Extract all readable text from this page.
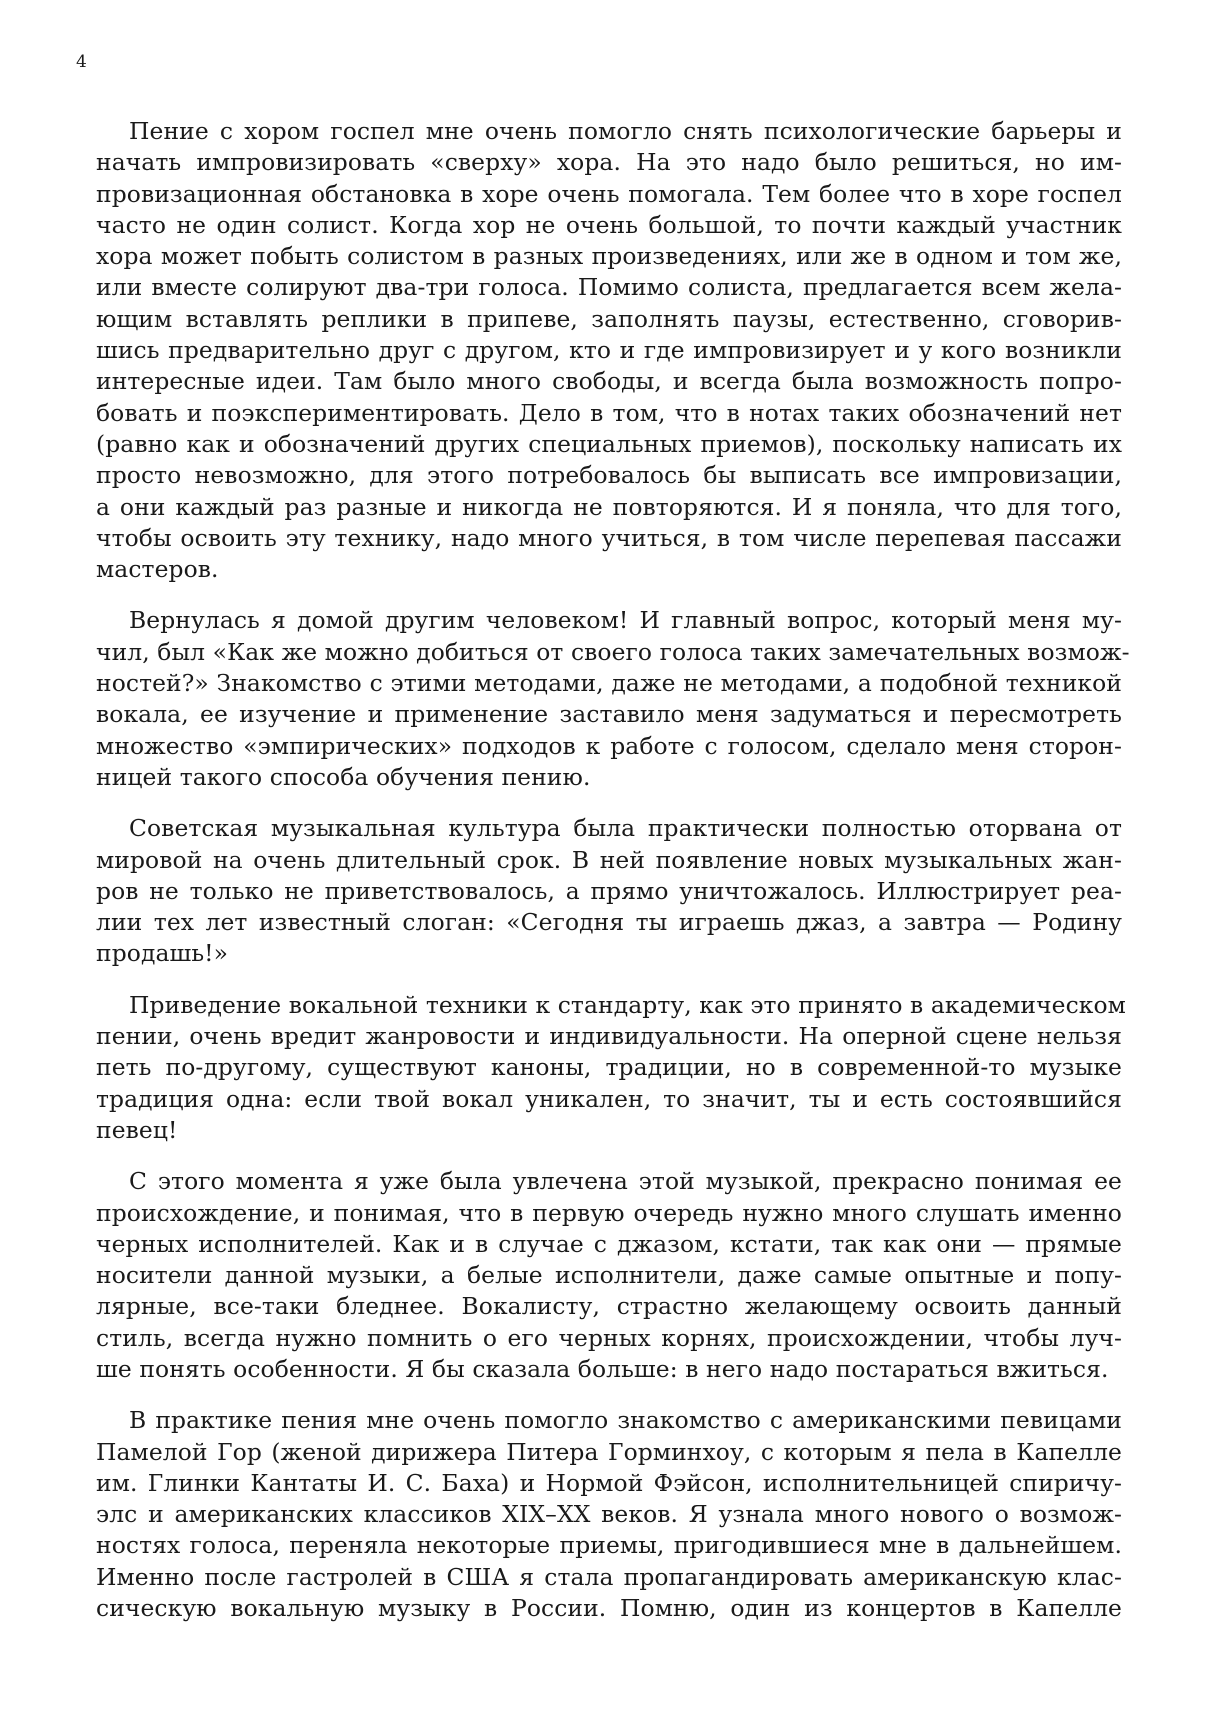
4

Пение с хором госпел мне очень помогло снять психологические барьеры и
начать импровизировать «сверху» хора. На это надо было решиться, но им-
провизационная обстановка в хоре очень помогала. Тем более что в хоре госпел
часто не один солист. Когда хор не очень большой, то почти каждый участник
хора может побыть солистом в разных произведениях, или же в одном и том же,
или вместе солируют два-три голоса. Помимо солиста, предлагается всем жела-
ющим вставлять реплики в припеве, заполнять паузы, естественно, сговорив-
шись предварительно друг с другом, кто и где импровизирует и у кого возникли
интересные идеи. Там было много свободы, и всегда была возможность попро-
бовать и поэкспериментировать. Дело в том, что в нотах таких обозначений нет
(равно как и обозначений других специальных приемов), поскольку написать их
просто невозможно, для этого потребовалось бы выписать все импровизации,
а они каждый раз разные и никогда не повторяются. И я поняла, что для того,
чтобы освоить эту технику, надо много учиться, в том числе перепевая пассажи
мастеров.

Вернулась я домой другим человеком! И главный вопрос, который меня му-
чил, был «Как же можно добиться от своего голоса таких замечательных возмож-
ностей?» Знакомство с этими методами, даже не методами, а подобной техникой
вокала, ее изучение и применение заставило меня задуматься и пересмотреть
множество «эмпирических» подходов к работе с голосом, сделало меня сторон-
ницей такого способа обучения пению.

Советская музыкальная культура была практически полностью оторвана от
мировой на очень длительный срок. В ней появление новых музыкальных жан-
ров не только не приветствовалось, а прямо уничтожалось. Иллюстрирует реа-
лии тех лет известный слоган: «Сегодня ты играешь джаз, а завтра — Родину
продашь!»

Приведение вокальной техники к стандарту, как это принято в академическом
пении, очень вредит жанровости и индивидуальности. На оперной сцене нельзя
петь по-другому, существуют каноны, традиции, но в современной-то музыке
традиция одна: если твой вокал уникален, то значит, ты и есть состоявшийся
певец!

С этого момента я уже была увлечена этой музыкой, прекрасно понимая ее
происхождение, и понимая, что в первую очередь нужно много слушать именно
черных исполнителей. Как и в случае с джазом, кстати, так как они — прямые
носители данной музыки, а белые исполнители, даже самые опытные и попу-
лярные, все-таки бледнее. Вокалисту, страстно желающему освоить данный
стиль, всегда нужно помнить о его черных корнях, происхождении, чтобы луч-
ше понять особенности. Я бы сказала больше: в него надо постараться вжиться.

В практике пения мне очень помогло знакомство с американскими певицами
Памелой Гор (женой дирижера Питера Горминхоу, с которым я пела в Капелле
им. Глинки Кантаты И. С. Баха) и Нормой Фэйсон, исполнительницей спиричу-
элс и американских классиков XIX–XX веков. Я узнала много нового о возмож-
ностях голоса, переняла некоторые приемы, пригодившиеся мне в дальнейшем.
Именно после гастролей в США я стала пропагандировать американскую клас-
сическую вокальную музыку в России. Помню, один из концертов в Капелле
